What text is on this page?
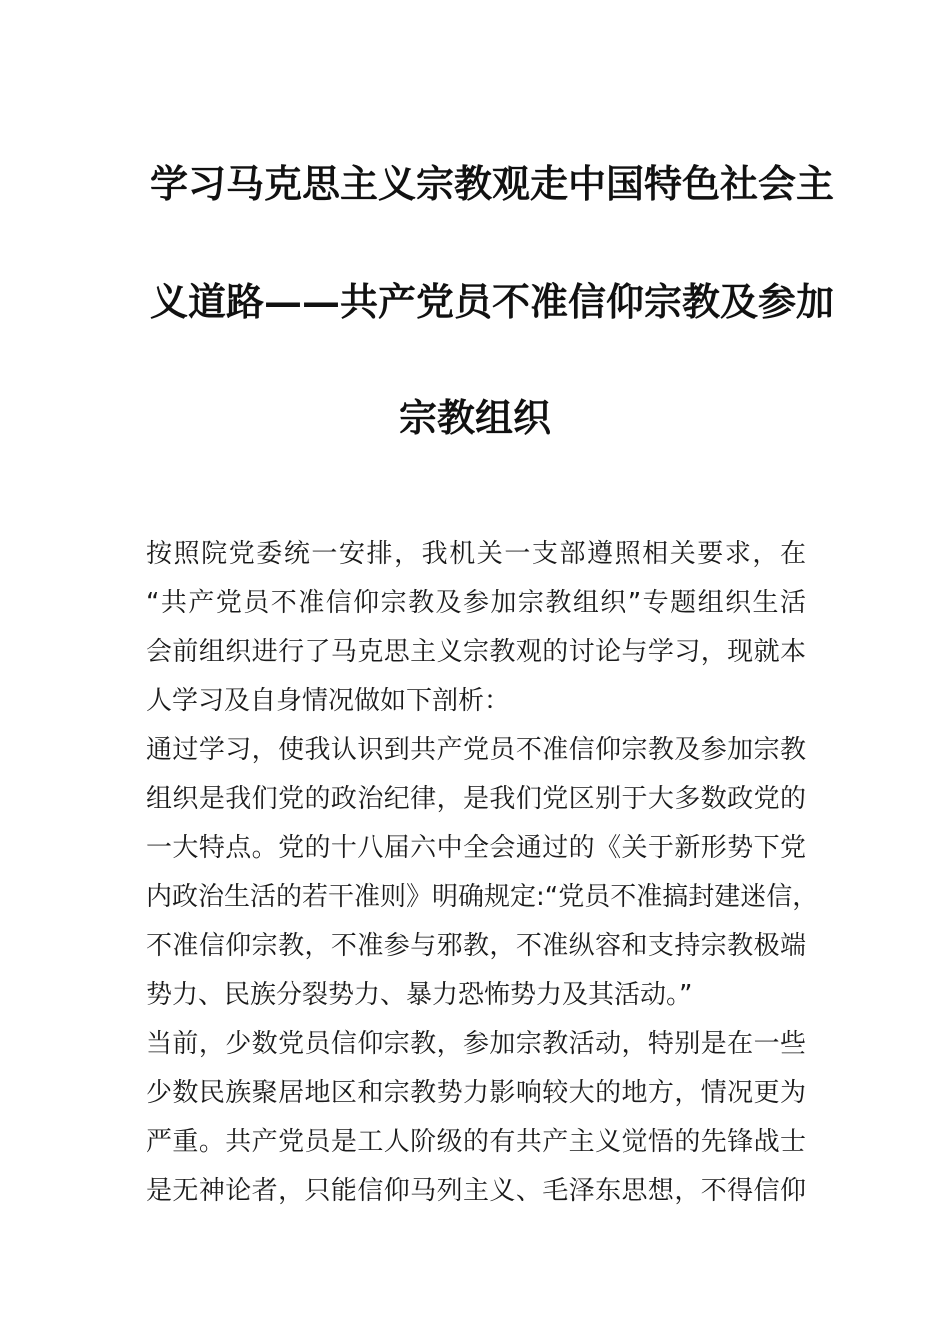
学习马克思主义宗教观走中国特色社会主
义道路——共产党员不准信仰宗教及参加
宗教组织
按照院党委统一安排，我机关一支部遵照相关要求，在
“共产党员不准信仰宗教及参加宗教组织”专题组织生活
会前组织进行了马克思主义宗教观的讨论与学习，现就本
人学习及自身情况做如下剖析：
通过学习，使我认识到共产党员不准信仰宗教及参加宗教
组织是我们党的政治纪律，是我们党区别于大多数政党的
一大特点。党的十八届六中全会通过的《关于新形势下党
内政治生活的若干准则》明确规定:“党员不准搞封建迷信，
不准信仰宗教，不准参与邪教，不准纵容和支持宗教极端
势力、民族分裂势力、暴力恐怖势力及其活动。”
当前，少数党员信仰宗教，参加宗教活动，特别是在一些
少数民族聚居地区和宗教势力影响较大的地方，情况更为
严重。共产党员是工人阶级的有共产主义觉悟的先锋战士
是无神论者，只能信仰马列主义、毛泽东思想，不得信仰
